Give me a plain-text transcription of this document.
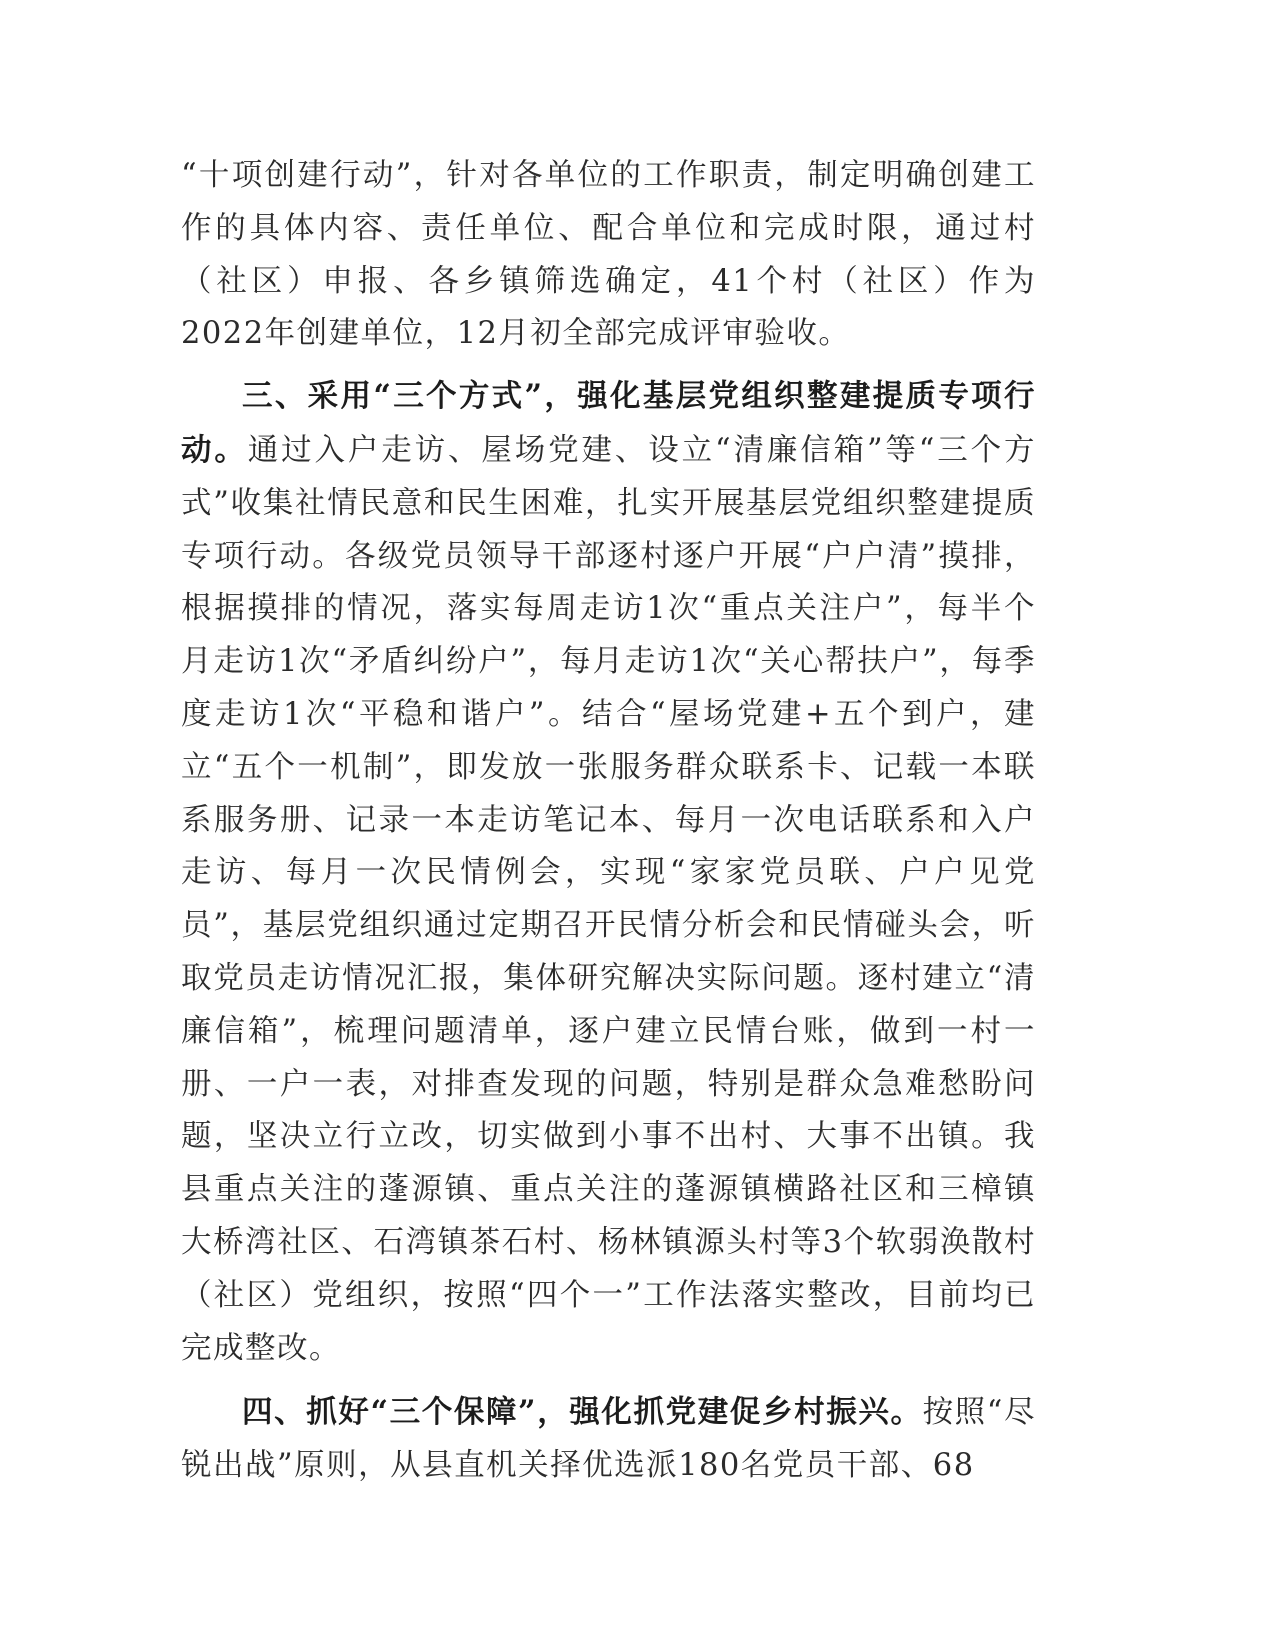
“十项创建行动”，针对各单位的工作职责，制定明确创建工作的具体内容、责任单位、配合单位和完成时限，通过村（社区）申报、各乡镇筛选确定，41个村（社区）作为2022年创建单位，12月初全部完成评审验收。

三、采用“三个方式”，强化基层党组织整建提质专项行动。通过入户走访、屋场党建、设立“清廉信箱”等“三个方式”收集社情民意和民生困难，扎实开展基层党组织整建提质专项行动。各级党员领导干部逐村逐户开展“户户清”摸排，根据摸排的情况，落实每周走访1次“重点关注户”，每半个月走访1次“矛盾纠纷户”，每月走访1次“关心帮扶户”，每季度走访1次“平稳和谐户”。结合“屋场党建+五个到户，建立“五个一机制”，即发放一张服务群众联系卡、记载一本联系服务册、记录一本走访笔记本、每月一次电话联系和入户走访、每月一次民情例会，实现“家家党员联、户户见党员”，基层党组织通过定期召开民情分析会和民情碰头会，听取党员走访情况汇报，集体研究解决实际问题。逐村建立“清廉信箱”，梳理问题清单，逐户建立民情台账，做到一村一册、一户一表，对排查发现的问题，特别是群众急难愁盼问题，坚决立行立改，切实做到小事不出村、大事不出镇。我县重点关注的蓬源镇、重点关注的蓬源镇横路社区和三樟镇大桥湾社区、石湾镇茶石村、杨林镇源头村等3个软弱涣散村（社区）党组织，按照“四个一”工作法落实整改，目前均已完成整改。

四、抓好“三个保障”，强化抓党建促乡村振兴。按照“尽锐出战”原则，从县直机关择优选派180名党员干部、68
